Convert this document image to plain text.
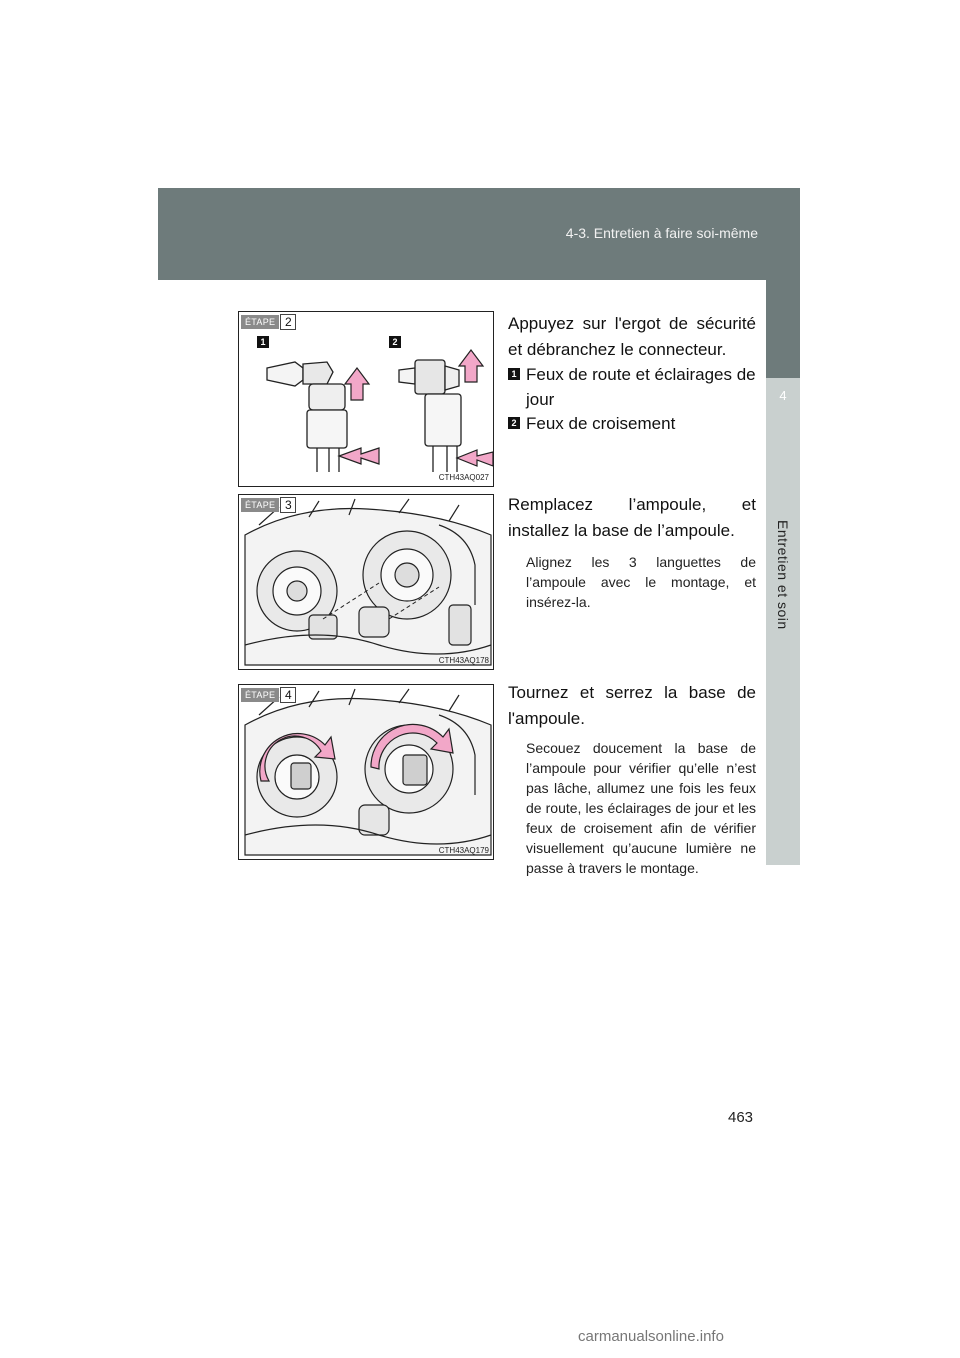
4-3. Entretien à faire soi-même
4
Entretien et soin
ÉTAPE 2
1	2
CTH43AQ027
Appuyez sur l'ergot de sécurité et débranchez le connecteur.
1 Feux de route et éclairages de jour
2 Feux de croisement
ÉTAPE 3
CTH43AQ178
Remplacez l’ampoule, et installez la base de l’ampoule.
Alignez les 3 languettes de l’ampoule avec le montage, et insérez-la.
ÉTAPE 4
CTH43AQ179
Tournez et serrez la base de l'ampoule.
Secouez doucement la base de l’ampoule pour vérifier qu’elle n’est pas lâche, allumez une fois les feux de route, les éclairages de jour et les feux de croisement afin de vérifier visuellement qu’aucune lumière ne passe à travers le montage.
463
carmanualsonline.info
